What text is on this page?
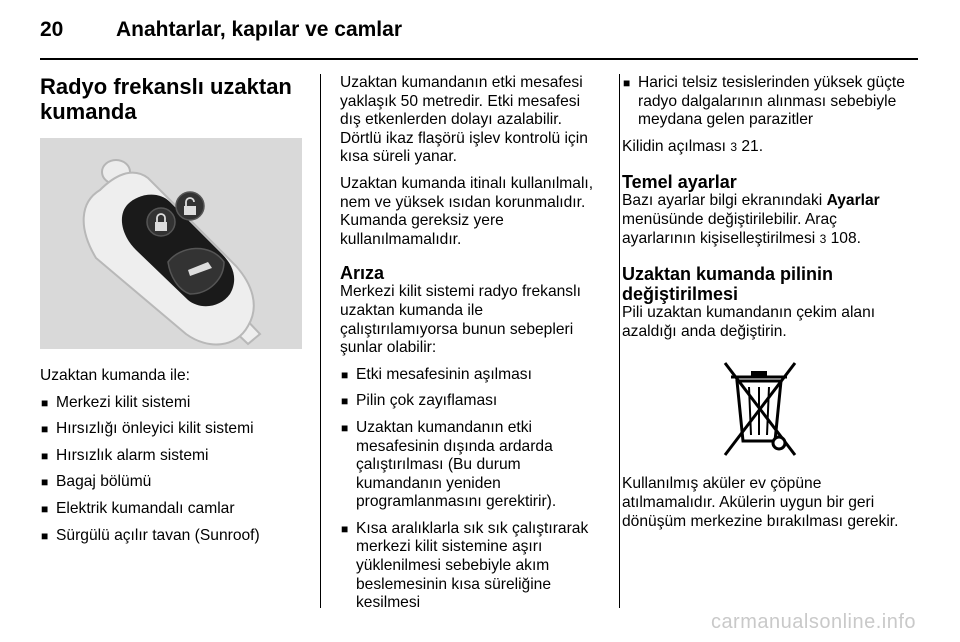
20	Anahtarlar, kapılar ve camlar
Radyo frekanslı uzaktan kumanda

Uzaktan kumanda ile:

■ Merkezi kilit sistemi
■ Hırsızlığı önleyici kilit sistemi
■ Hırsızlık alarm sistemi
■ Bagaj bölümü
■ Elektrik kumandalı camlar
■ Sürgülü açılır tavan (Sunroof)

Uzaktan kumandanın etki mesafesi yaklaşık 50 metredir. Etki mesafesi dış etkenlerden dolayı azalabilir. Dörtlü ikaz flaşörü işlev kontrolü için kısa süreli yanar.

Uzaktan kumanda itinalı kullanılmalı, nem ve yüksek ısıdan korunmalıdır. Kumanda gereksiz yere kullanılmamalıdır.

Arıza

Merkezi kilit sistemi radyo frekanslı uzaktan kumanda ile çalıştırılamıyorsa bunun sebepleri şunlar olabilir:

■ Etki mesafesinin aşılması
■ Pilin çok zayıflaması
■ Uzaktan kumandanın etki mesafesinin dışında ardarda çalıştırılması (Bu durum kumandanın yeniden programlanmasını gerektirir).
■ Kısa aralıklarla sık sık çalıştırarak merkezi kilit sistemine aşırı yüklenilmesi sebebiyle akım beslemesinin kısa süreliğine kesilmesi
■ Harici telsiz tesislerinden yüksek güçte radyo dalgalarının alınması sebebiyle meydana gelen parazitler

Kilidin açılması 3 21.

Temel ayarlar

Bazı ayarlar bilgi ekranındaki Ayarlar menüsünde değiştirilebilir. Araç ayarlarının kişiselleştirilmesi 3 108.

Uzaktan kumanda pilinin değiştirilmesi

Pili uzaktan kumandanın çekim alanı azaldığı anda değiştirin.

Kullanılmış aküler ev çöpüne atılmamalıdır. Akülerin uygun bir geri dönüşüm merkezine bırakılması gerekir.

carmanualsonline.info
